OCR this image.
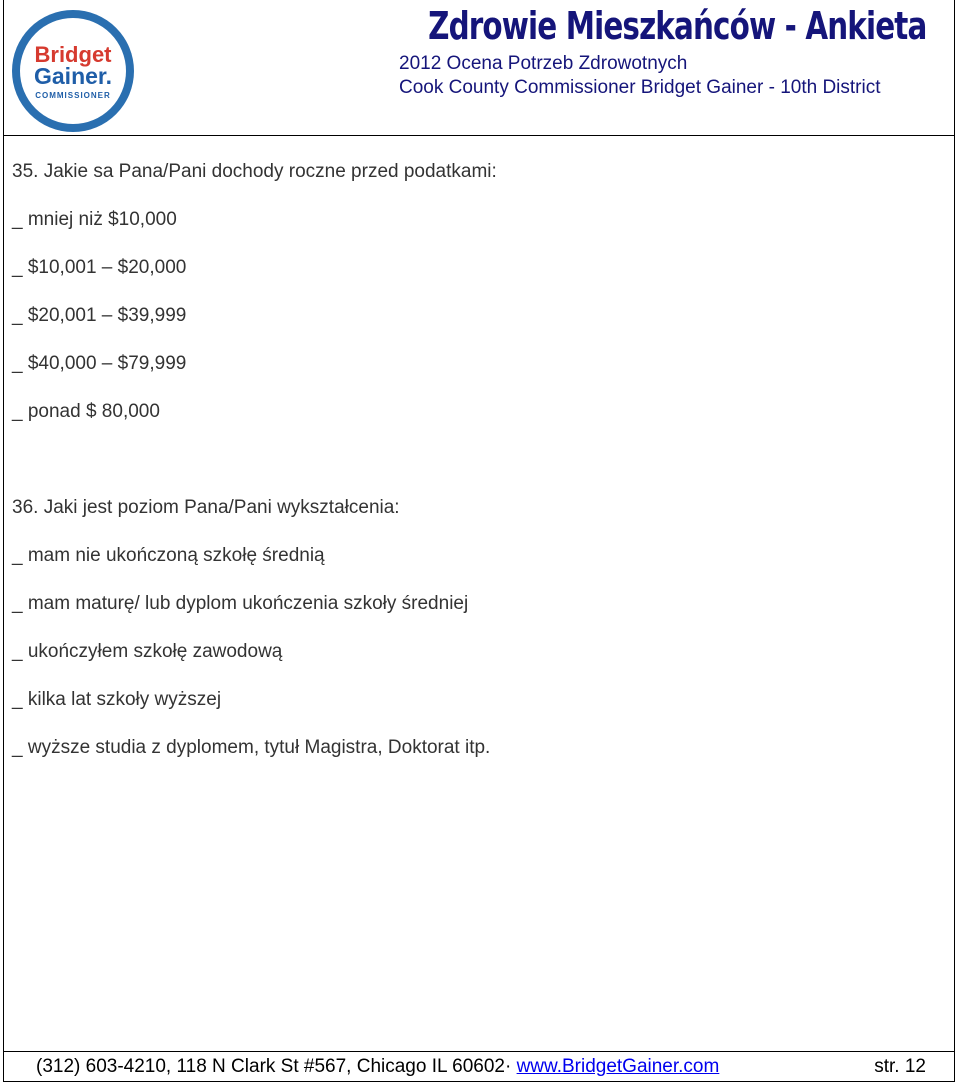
Bridget
Gainer.
COMMISSIONER
Zdrowie Mieszkańców - Ankieta
2012 Ocena Potrzeb Zdrowotnych
Cook County Commissioner Bridget Gainer - 10th District
35. Jakie sa Pana/Pani dochody roczne przed podatkami:
_ mniej niż $10,000
_ $10,001 – $20,000
_ $20,001 – $39,999
_ $40,000 – $79,999
_ ponad $ 80,000
36. Jaki jest poziom Pana/Pani wykształcenia:
_ mam nie ukończoną szkołę średnią
_ mam maturę/ lub dyplom ukończenia szkoły średniej
_ ukończyłem szkołę zawodową
_ kilka lat szkoły wyższej
_ wyższe studia z dyplomem, tytuł Magistra, Doktorat itp.
(312) 603-4210, 118 N Clark St #567, Chicago IL 60602· www.BridgetGainer.com	str. 12
